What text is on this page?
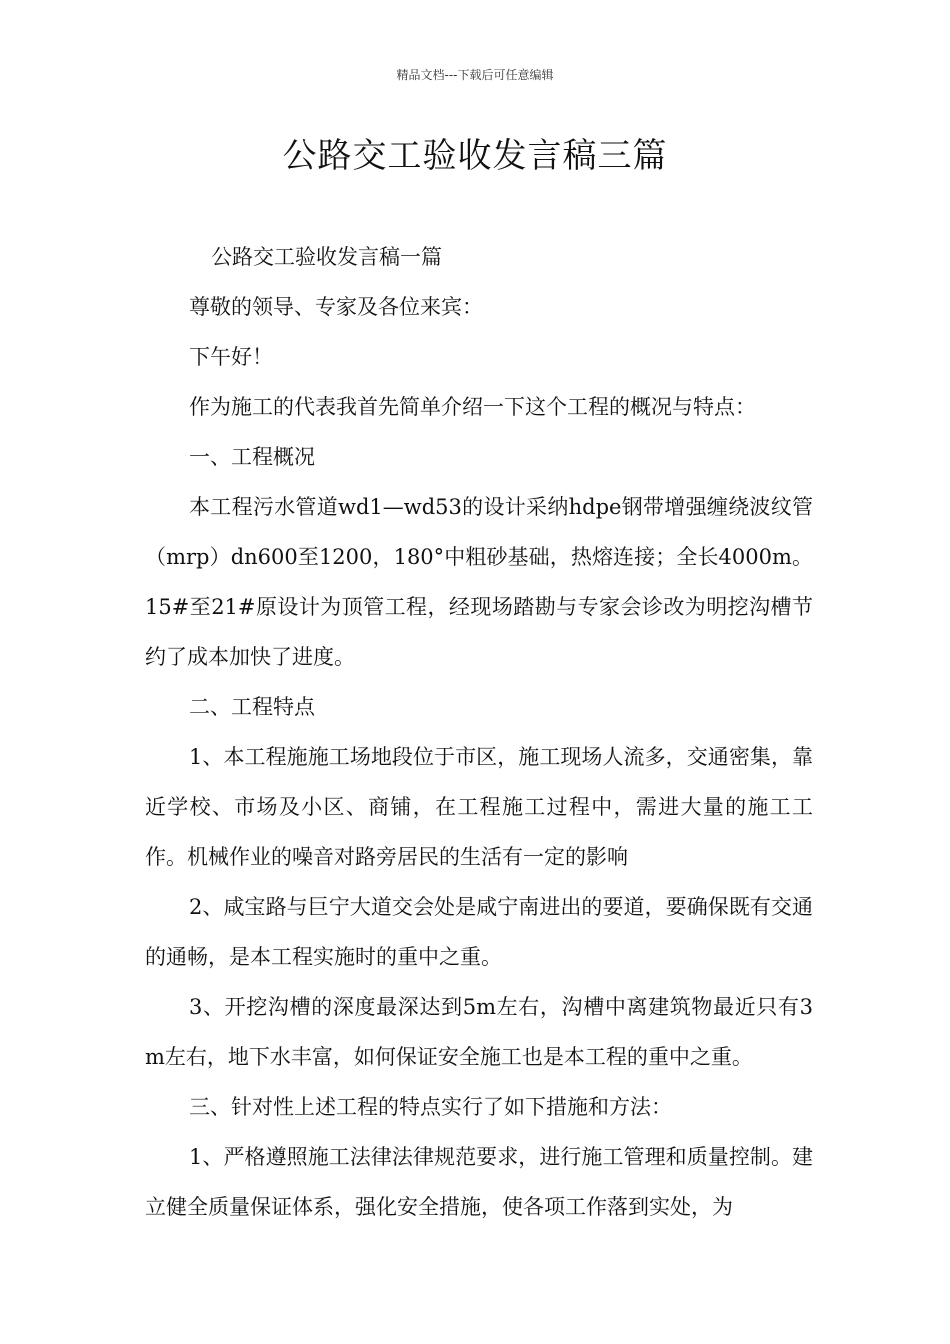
精品文档---下载后可任意编辑
公路交工验收发言稿三篇

公路交工验收发言稿一篇

尊敬的领导、专家及各位来宾：

下午好！

作为施工的代表我首先简单介绍一下这个工程的概况与特点：

一、工程概况

本工程污水管道wd1—wd53的设计采纳hdpe钢带增强缠绕波纹管（mrp）dn600至1200，180°中粗砂基础，热熔连接；全长4000m。15#至21#原设计为顶管工程，经现场踏勘与专家会诊改为明挖沟槽节约了成本加快了进度。

二、工程特点

1、本工程施施工场地段位于市区，施工现场人流多，交通密集，靠近学校、市场及小区、商铺，在工程施工过程中，需进大量的施工工作。机械作业的噪音对路旁居民的生活有一定的影响

2、咸宝路与巨宁大道交会处是咸宁南进出的要道，要确保既有交通的通畅，是本工程实施时的重中之重。

3、开挖沟槽的深度最深达到5m左右，沟槽中离建筑物最近只有3m左右，地下水丰富，如何保证安全施工也是本工程的重中之重。

三、针对性上述工程的特点实行了如下措施和方法：

1、严格遵照施工法律法律规范要求，进行施工管理和质量控制。建立健全质量保证体系，强化安全措施，使各项工作落到实处，为
